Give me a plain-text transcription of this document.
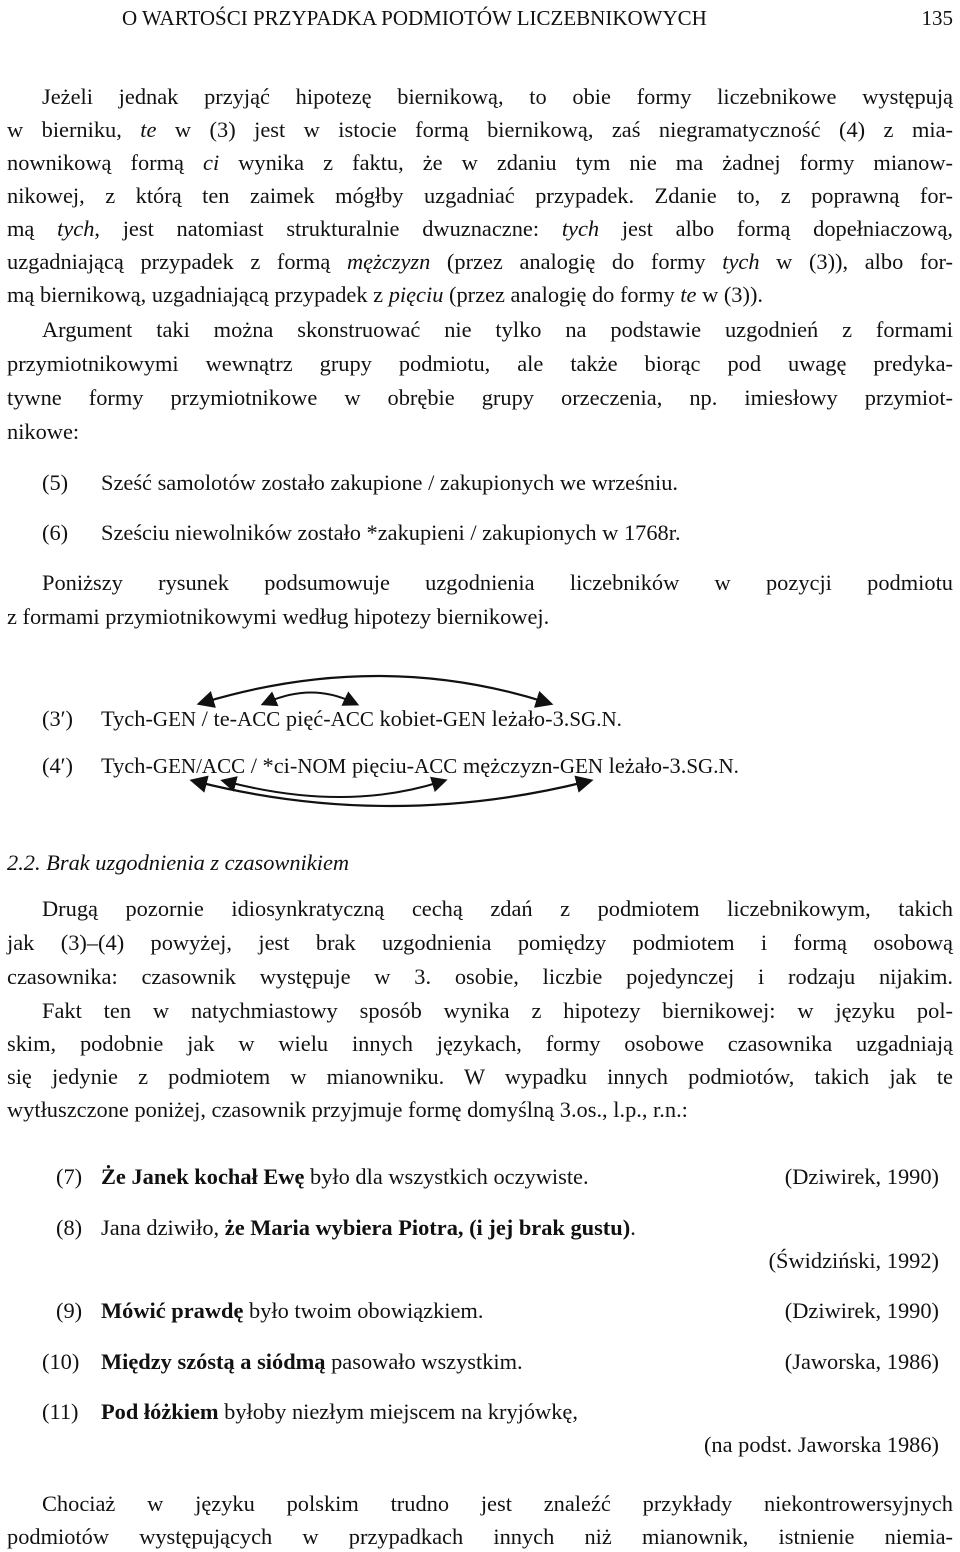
O WARTOŚCI PRZYPADKA PODMIOTÓW LICZEBNIKOWYCH	135
Jeżeli jednak przyjąć hipotezę biernikową, to obie formy liczebnikowe występują
w bierniku, te w (3) jest w istocie formą biernikową, zaś niegramatyczność (4) z mia-
nownikową formą ci wynika z faktu, że w zdaniu tym nie ma żadnej formy mianow-
nikowej, z którą ten zaimek mógłby uzgadniać przypadek. Zdanie to, z poprawną for-
mą tych, jest natomiast strukturalnie dwuznaczne: tych jest albo formą dopełniaczową,
uzgadniającą przypadek z formą mężczyzn (przez analogię do formy tych w (3)), albo for-
mą biernikową, uzgadniającą przypadek z pięciu (przez analogię do formy te w (3)).
Argument taki można skonstruować nie tylko na podstawie uzgodnień z formami
przymiotnikowymi wewnątrz grupy podmiotu, ale także biorąc pod uwagę predyka-
tywne formy przymiotnikowe w obrębie grupy orzeczenia, np. imiesłowy przymiot-
nikowe:
(5) Sześć samolotów zostało zakupione / zakupionych we wrześniu.
(6) Sześciu niewolników zostało *zakupieni / zakupionych w 1768r.
Poniższy rysunek podsumowuje uzgodnienia liczebników w pozycji podmiotu
z formami przymiotnikowymi według hipotezy biernikowej.
(3′) Tych-GEN / te-ACC pięć-ACC kobiet-GEN leżało-3.SG.N.
(4′) Tych-GEN/ACC / *ci-NOM pięciu-ACC mężczyzn-GEN leżało-3.SG.N.
2.2. Brak uzgodnienia z czasownikiem
Drugą pozornie idiosynkratyczną cechą zdań z podmiotem liczebnikowym, takich
jak (3)–(4) powyżej, jest brak uzgodnienia pomiędzy podmiotem i formą osobową
czasownika: czasownik występuje w 3. osobie, liczbie pojedynczej i rodzaju nijakim.
Fakt ten w natychmiastowy sposób wynika z hipotezy biernikowej: w języku pol-
skim, podobnie jak w wielu innych językach, formy osobowe czasownika uzgadniają
się jedynie z podmiotem w mianowniku. W wypadku innych podmiotów, takich jak te
wytłuszczone poniżej, czasownik przyjmuje formę domyślną 3.os., l.p., r.n.:
(7) Że Janek kochał Ewę było dla wszystkich oczywiste.	(Dziwirek, 1990)
(8) Jana dziwiło, że Maria wybiera Piotra, (i jej brak gustu).
(Świdziński, 1992)
(9) Mówić prawdę było twoim obowiązkiem.	(Dziwirek, 1990)
(10) Między szóstą a siódmą pasowało wszystkim.	(Jaworska, 1986)
(11) Pod łóżkiem byłoby niezłym miejscem na kryjówkę,
(na podst. Jaworska 1986)
Chociaż w języku polskim trudno jest znaleźć przykłady niekontrowersyjnych
podmiotów występujących w przypadkach innych niż mianownik, istnienie niemia-
